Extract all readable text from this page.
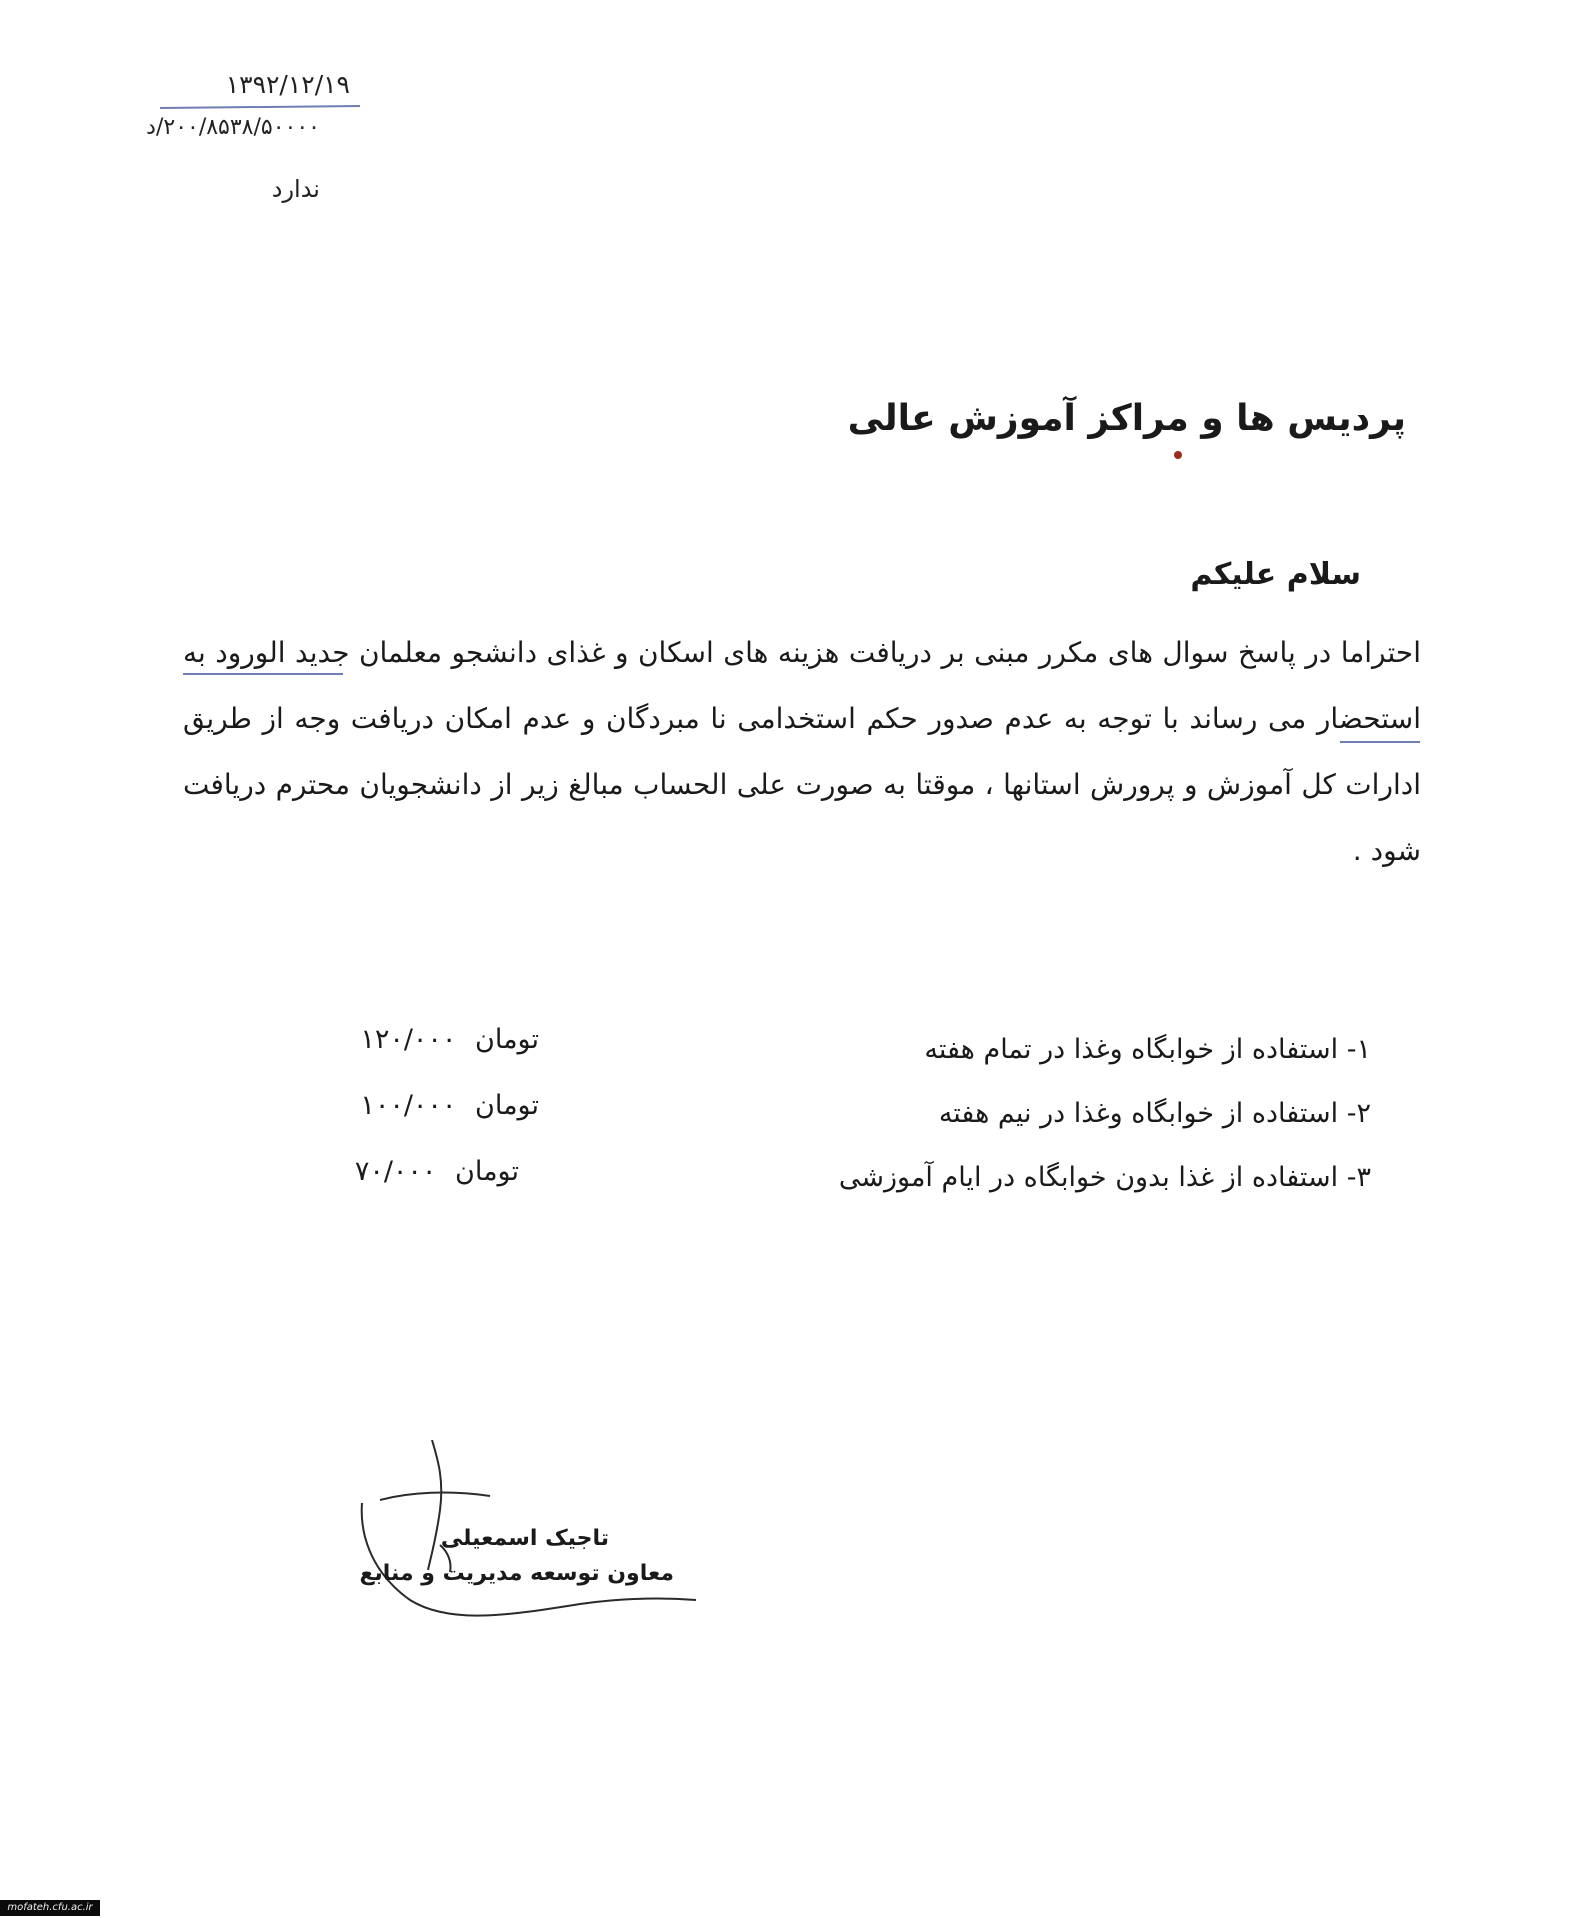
۱۳۹۲/۱۲/۱۹
۲۰۰/۸۵۳۸/۵۰۰۰۰/د
ندارد
پردیس ها و مراکز آموزش عالی
سلام علیکم
احتراما در پاسخ سوال های مکرر مبنی بر دریافت هزینه های اسکان و غذای دانشجو معلمان جدید الورود به استحضار می رساند با توجه به عدم صدور حکم استخدامی نا مبردگان و عدم امکان دریافت وجه از طریق ادارات کل آموزش و پرورش استانها ، موقتا به صورت علی الحساب مبالغ زیر از دانشجویان محترم دریافت شود .
۱- استفاده از خوابگاه وغذا در تمام هفته
تومان ۱۲۰/۰۰۰
۲- استفاده از خوابگاه وغذا در نیم هفته
تومان ۱۰۰/۰۰۰
۳- استفاده از غذا بدون خوابگاه در ایام آموزشی
تومان ۷۰/۰۰۰
تاجیک اسمعیلی
معاون توسعه مدیریت و منابع
mofateh.cfu.ac.ir
